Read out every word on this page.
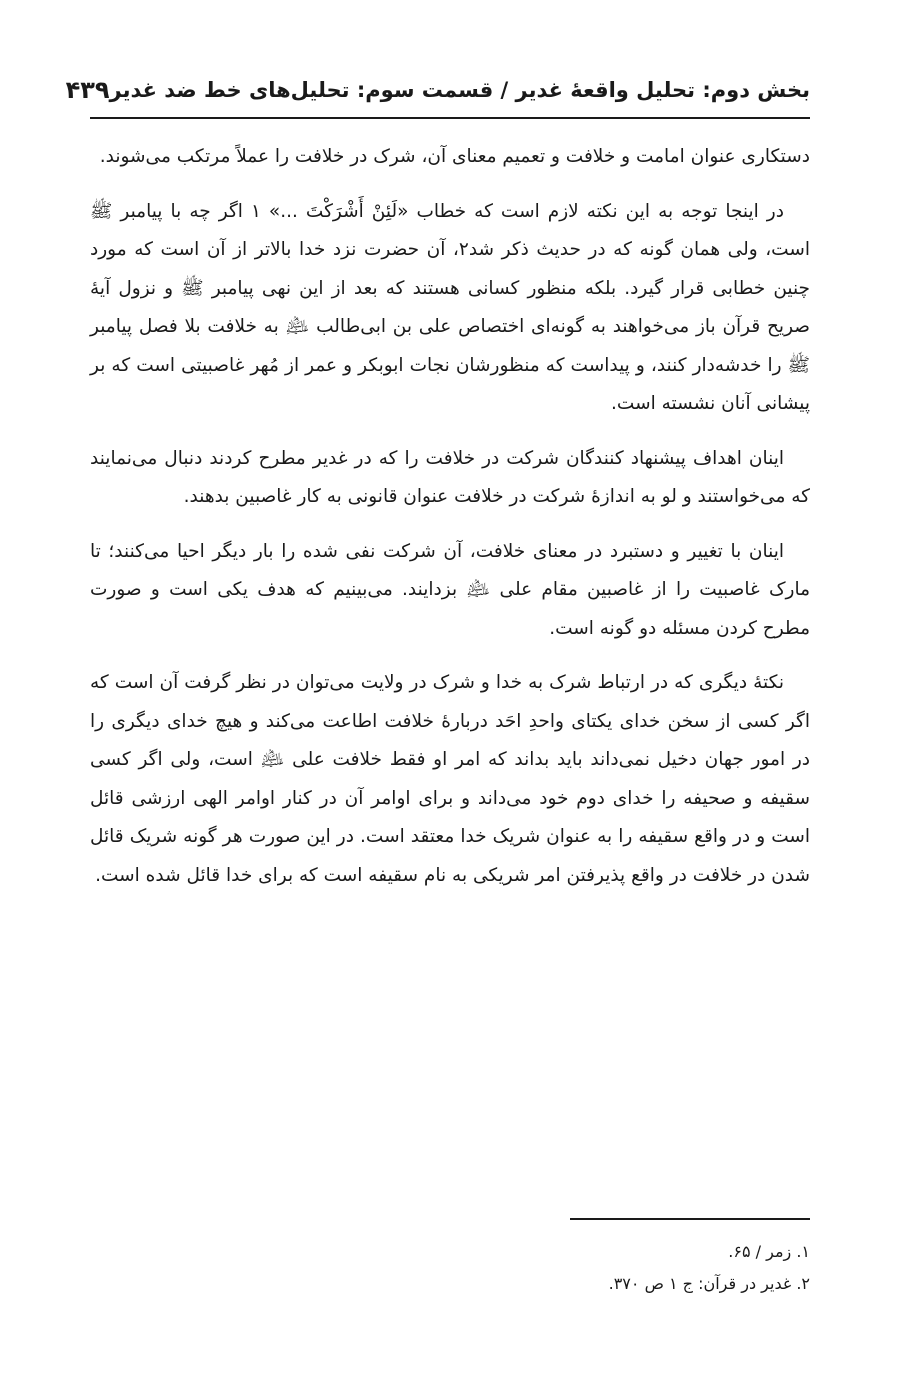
بخش دوم: تحلیل واقعهٔ غدیر / قسمت سوم: تحلیل‌های خط ضد غدیر
۴۳۹

دستکاری عنوان امامت و خلافت و تعمیم معنای آن، شرک در خلافت را عملاً مرتکب می‌شوند.

در اینجا توجه به این نکته لازم است که خطاب «لَئِنْ أَشْرَكْتَ ...» ۱ اگر چه با پیامبر ﷺ است، ولی همان گونه که در حدیث ذکر شد۲، آن حضرت نزد خدا بالاتر از آن است که مورد چنین خطابی قرار گیرد. بلکه منظور کسانی هستند که بعد از این نهی پیامبر ﷺ و نزول آیهٔ صریح قرآن باز می‌خواهند به گونه‌ای اختصاص علی بن ابی‌طالب ﵇ به خلافت بلا فصل پیامبر ﷺ را خدشه‌دار کنند، و پیداست که منظورشان نجات ابوبکر و عمر از مُهر غاصبیتی است که بر پیشانی آنان نشسته است.

اینان اهداف پیشنهاد کنندگان شرکت در خلافت را که در غدیر مطرح کردند دنبال می‌نمایند که می‌خواستند و لو به اندازهٔ شرکت در خلافت عنوان قانونی به کار غاصبین بدهند.

اینان با تغییر و دستبرد در معنای خلافت، آن شرکت نفی شده را بار دیگر احیا می‌کنند؛ تا مارک غاصبیت را از غاصبین مقام علی ﵇ بزدایند. می‌بینیم که هدف یکی است و صورت مطرح کردن مسئله دو گونه است.

نکتهٔ دیگری که در ارتباط شرک به خدا و شرک در ولایت می‌توان در نظر گرفت آن است که اگر کسی از سخن خدای یکتای واحدِ احَد دربارهٔ خلافت اطاعت می‌کند و هیچ خدای دیگری را در امور جهان دخیل نمی‌داند باید بداند که امر او فقط خلافت علی ﵇ است، ولی اگر کسی سقیفه و صحیفه را خدای دوم خود می‌داند و برای اوامر آن در کنار اوامر الهی ارزشی قائل است و در واقع سقیفه را به عنوان شریک خدا معتقد است. در این صورت هر گونه شریک قائل شدن در خلافت در واقع پذیرفتن امر شریکی به نام سقیفه است که برای خدا قائل شده است.

۱. زمر / ۶۵.
۲. غدیر در قرآن: ج ۱ ص ۳۷۰.
